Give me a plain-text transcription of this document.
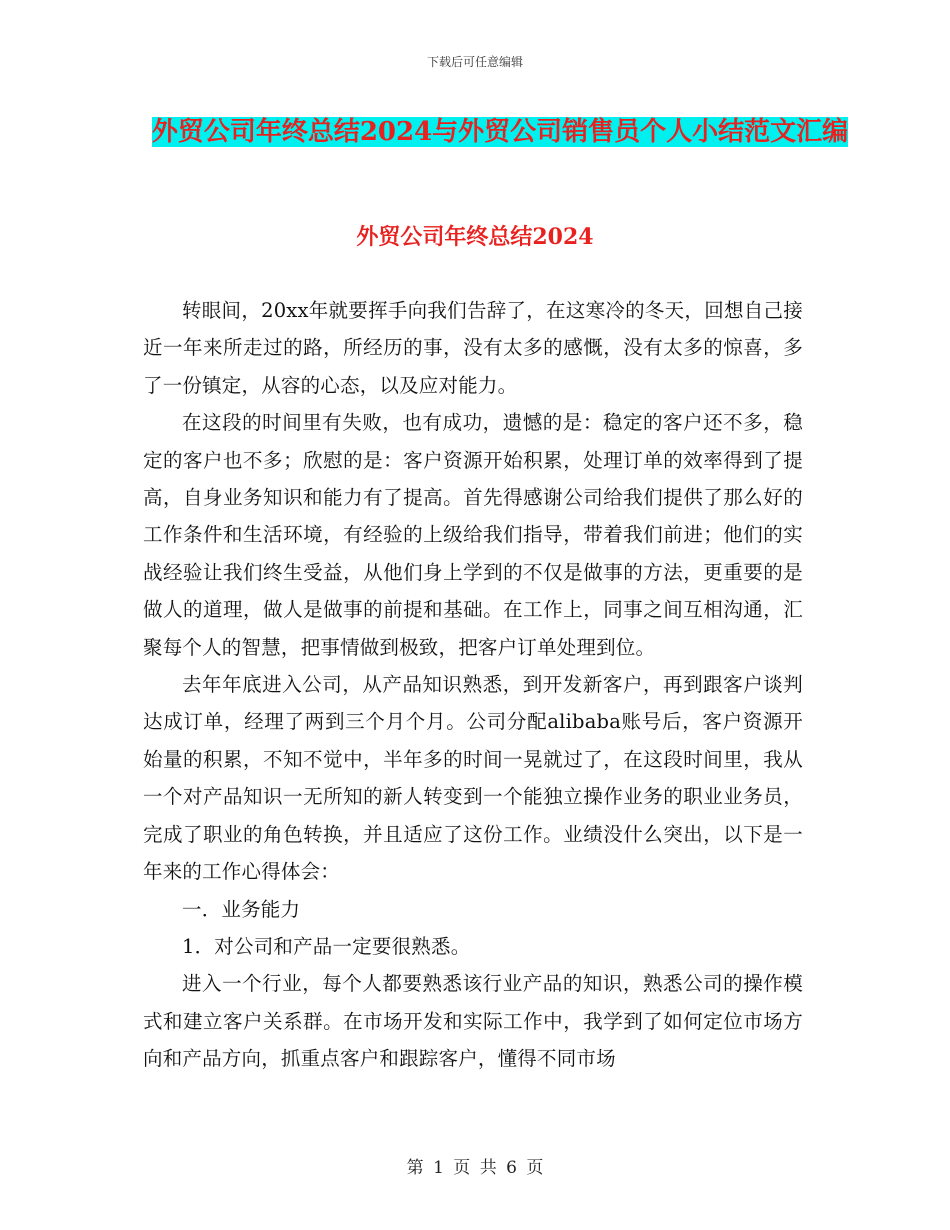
下载后可任意编辑
外贸公司年终总结2024与外贸公司销售员个人小结范文汇编
外贸公司年终总结2024

转眼间，20xx年就要挥手向我们告辞了，在这寒冷的冬天，回想自己接近一年来所走过的路，所经历的事，没有太多的感慨，没有太多的惊喜，多了一份镇定，从容的心态，以及应对能力。

在这段的时间里有失败，也有成功，遗憾的是：稳定的客户还不多，稳定的客户也不多；欣慰的是：客户资源开始积累，处理订单的效率得到了提高，自身业务知识和能力有了提高。首先得感谢公司给我们提供了那么好的工作条件和生活环境，有经验的上级给我们指导，带着我们前进；他们的实战经验让我们终生受益，从他们身上学到的不仅是做事的方法，更重要的是做人的道理，做人是做事的前提和基础。在工作上，同事之间互相沟通，汇聚每个人的智慧，把事情做到极致，把客户订单处理到位。

去年年底进入公司，从产品知识熟悉，到开发新客户，再到跟客户谈判达成订单，经理了两到三个月个月。公司分配alibaba账号后，客户资源开始量的积累，不知不觉中，半年多的时间一晃就过了，在这段时间里，我从一个对产品知识一无所知的新人转变到一个能独立操作业务的职业业务员，完成了职业的角色转换，并且适应了这份工作。业绩没什么突出，以下是一年来的工作心得体会：

一．业务能力

1．对公司和产品一定要很熟悉。

进入一个行业，每个人都要熟悉该行业产品的知识，熟悉公司的操作模式和建立客户关系群。在市场开发和实际工作中，我学到了如何定位市场方向和产品方向，抓重点客户和跟踪客户，懂得不同市场

第 1 页 共 6 页
